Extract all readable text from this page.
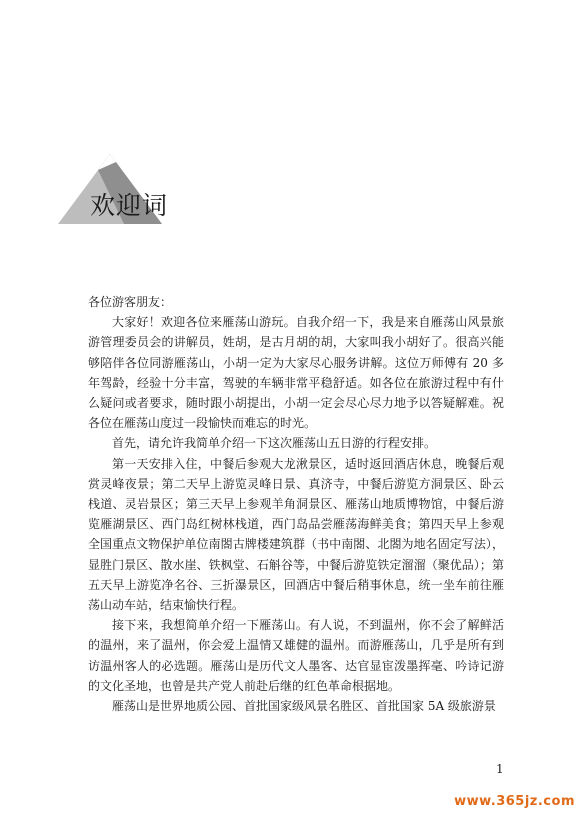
欢迎词

各位游客朋友：

大家好！欢迎各位来雁荡山游玩。自我介绍一下，我是来自雁荡山风景旅游管理委员会的讲解员，姓胡，是古月胡的胡，大家叫我小胡好了。很高兴能够陪伴各位同游雁荡山，小胡一定为大家尽心服务讲解。这位万师傅有 20 多年驾龄，经验十分丰富，驾驶的车辆非常平稳舒适。如各位在旅游过程中有什么疑问或者要求，随时跟小胡提出，小胡一定会尽心尽力地予以答疑解难。祝各位在雁荡山度过一段愉快而难忘的时光。

首先，请允许我简单介绍一下这次雁荡山五日游的行程安排。

第一天安排入住，中餐后参观大龙湫景区，适时返回酒店休息，晚餐后观赏灵峰夜景；第二天早上游览灵峰日景、真济寺，中餐后游览方洞景区、卧云栈道、灵岩景区；第三天早上参观羊角洞景区、雁荡山地质博物馆，中餐后游览雁湖景区、西门岛红树林栈道，西门岛品尝雁荡海鲜美食；第四天早上参观全国重点文物保护单位南閤古牌楼建筑群（书中南閤、北閤为地名固定写法），显胜门景区、散水崖、铁枫堂、石斛谷等，中餐后游览铁定溜溜（聚优品）；第五天早上游览净名谷、三折瀑景区，回酒店中餐后稍事休息，统一坐车前往雁荡山动车站，结束愉快行程。

接下来，我想简单介绍一下雁荡山。有人说，不到温州，你不会了解鲜活的温州，来了温州，你会爱上温情又雄健的温州。而游雁荡山，几乎是所有到访温州客人的必选题。雁荡山是历代文人墨客、达官显宦泼墨挥毫、吟诗记游的文化圣地，也曾是共产党人前赴后继的红色革命根据地。

雁荡山是世界地质公园、首批国家级风景名胜区、首批国家 5A 级旅游景

1
www.365jz.com
